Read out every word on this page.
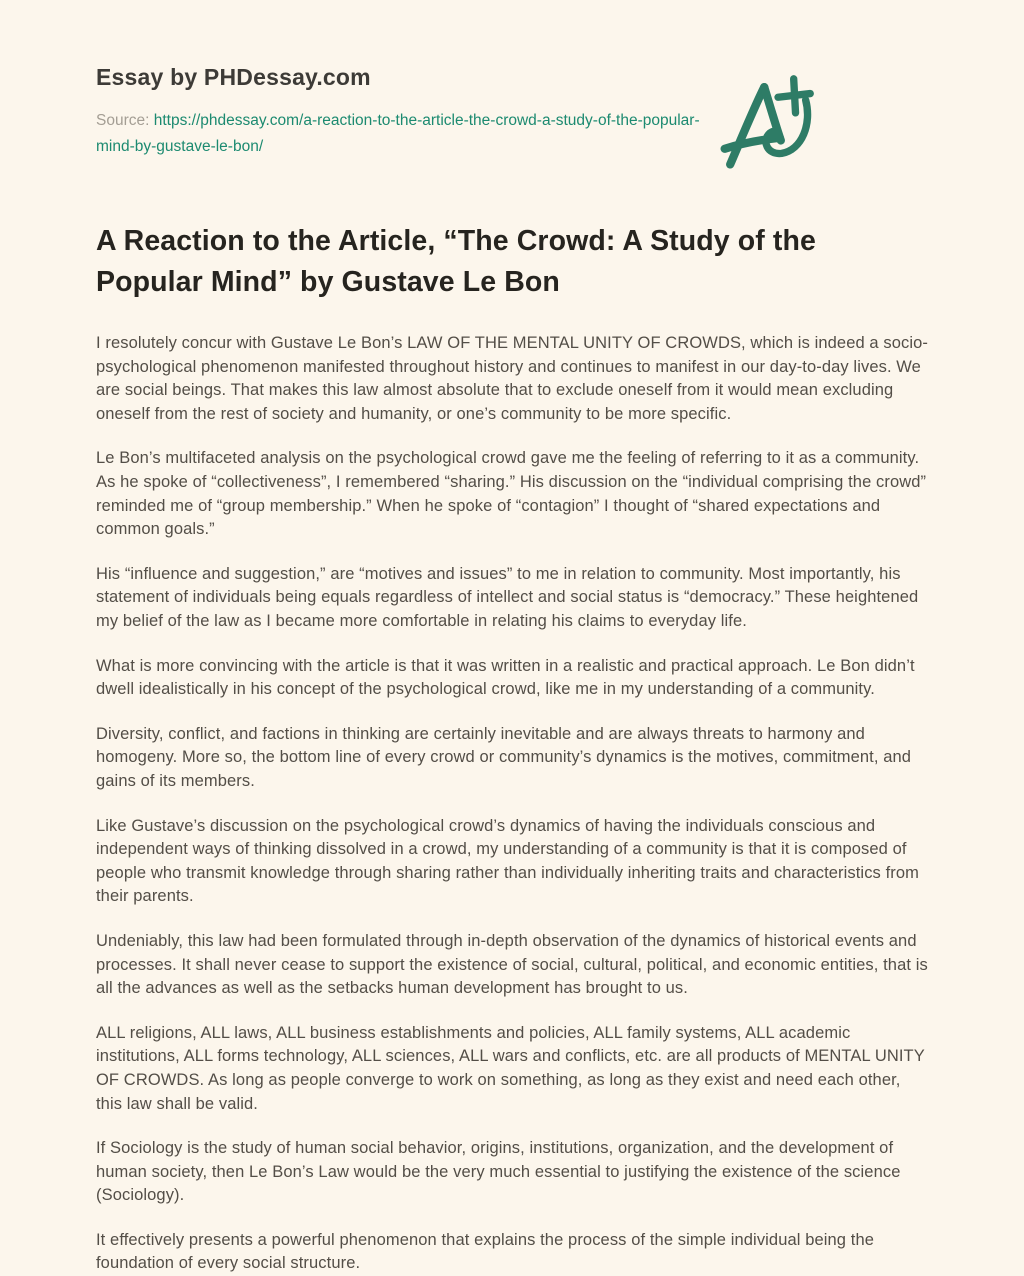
Essay by PHDessay.com
Source: https://phdessay.com/a-reaction-to-the-article-the-crowd-a-study-of-the-popular-mind-by-gustave-le-bon/
A Reaction to the Article, “The Crowd: A Study of the Popular Mind” by Gustave Le Bon

I resolutely concur with Gustave Le Bon’s LAW OF THE MENTAL UNITY OF CROWDS, which is indeed a socio-psychological phenomenon manifested throughout history and continues to manifest in our day-to-day lives. We are social beings. That makes this law almost absolute that to exclude oneself from it would mean excluding oneself from the rest of society and humanity, or one’s community to be more specific.

Le Bon’s multifaceted analysis on the psychological crowd gave me the feeling of referring to it as a community. As he spoke of “collectiveness”, I remembered “sharing.” His discussion on the “individual comprising the crowd” reminded me of “group membership.” When he spoke of “contagion” I thought of “shared expectations and common goals.”

His “influence and suggestion,” are “motives and issues” to me in relation to community. Most importantly, his statement of individuals being equals regardless of intellect and social status is “democracy.” These heightened my belief of the law as I became more comfortable in relating his claims to everyday life.

What is more convincing with the article is that it was written in a realistic and practical approach. Le Bon didn’t dwell idealistically in his concept of the psychological crowd, like me in my understanding of a community.

Diversity, conflict, and factions in thinking are certainly inevitable and are always threats to harmony and homogeny. More so, the bottom line of every crowd or community’s dynamics is the motives, commitment, and gains of its members.

Like Gustave’s discussion on the psychological crowd’s dynamics of having the individuals conscious and independent ways of thinking dissolved in a crowd, my understanding of a community is that it is composed of people who transmit knowledge through sharing rather than individually inheriting traits and characteristics from their parents.

Undeniably, this law had been formulated through in-depth observation of the dynamics of historical events and processes. It shall never cease to support the existence of social, cultural, political, and economic entities, that is all the advances as well as the setbacks human development has brought to us.

ALL religions, ALL laws, ALL business establishments and policies, ALL family systems, ALL academic institutions, ALL forms technology, ALL sciences, ALL wars and conflicts, etc. are all products of MENTAL UNITY OF CROWDS. As long as people converge to work on something, as long as they exist and need each other, this law shall be valid.

If Sociology is the study of human social behavior, origins, institutions, organization, and the development of human society, then Le Bon’s Law would be the very much essential to justifying the existence of the science (Sociology).

It effectively presents a powerful phenomenon that explains the process of the simple individual being the foundation of every social structure.
